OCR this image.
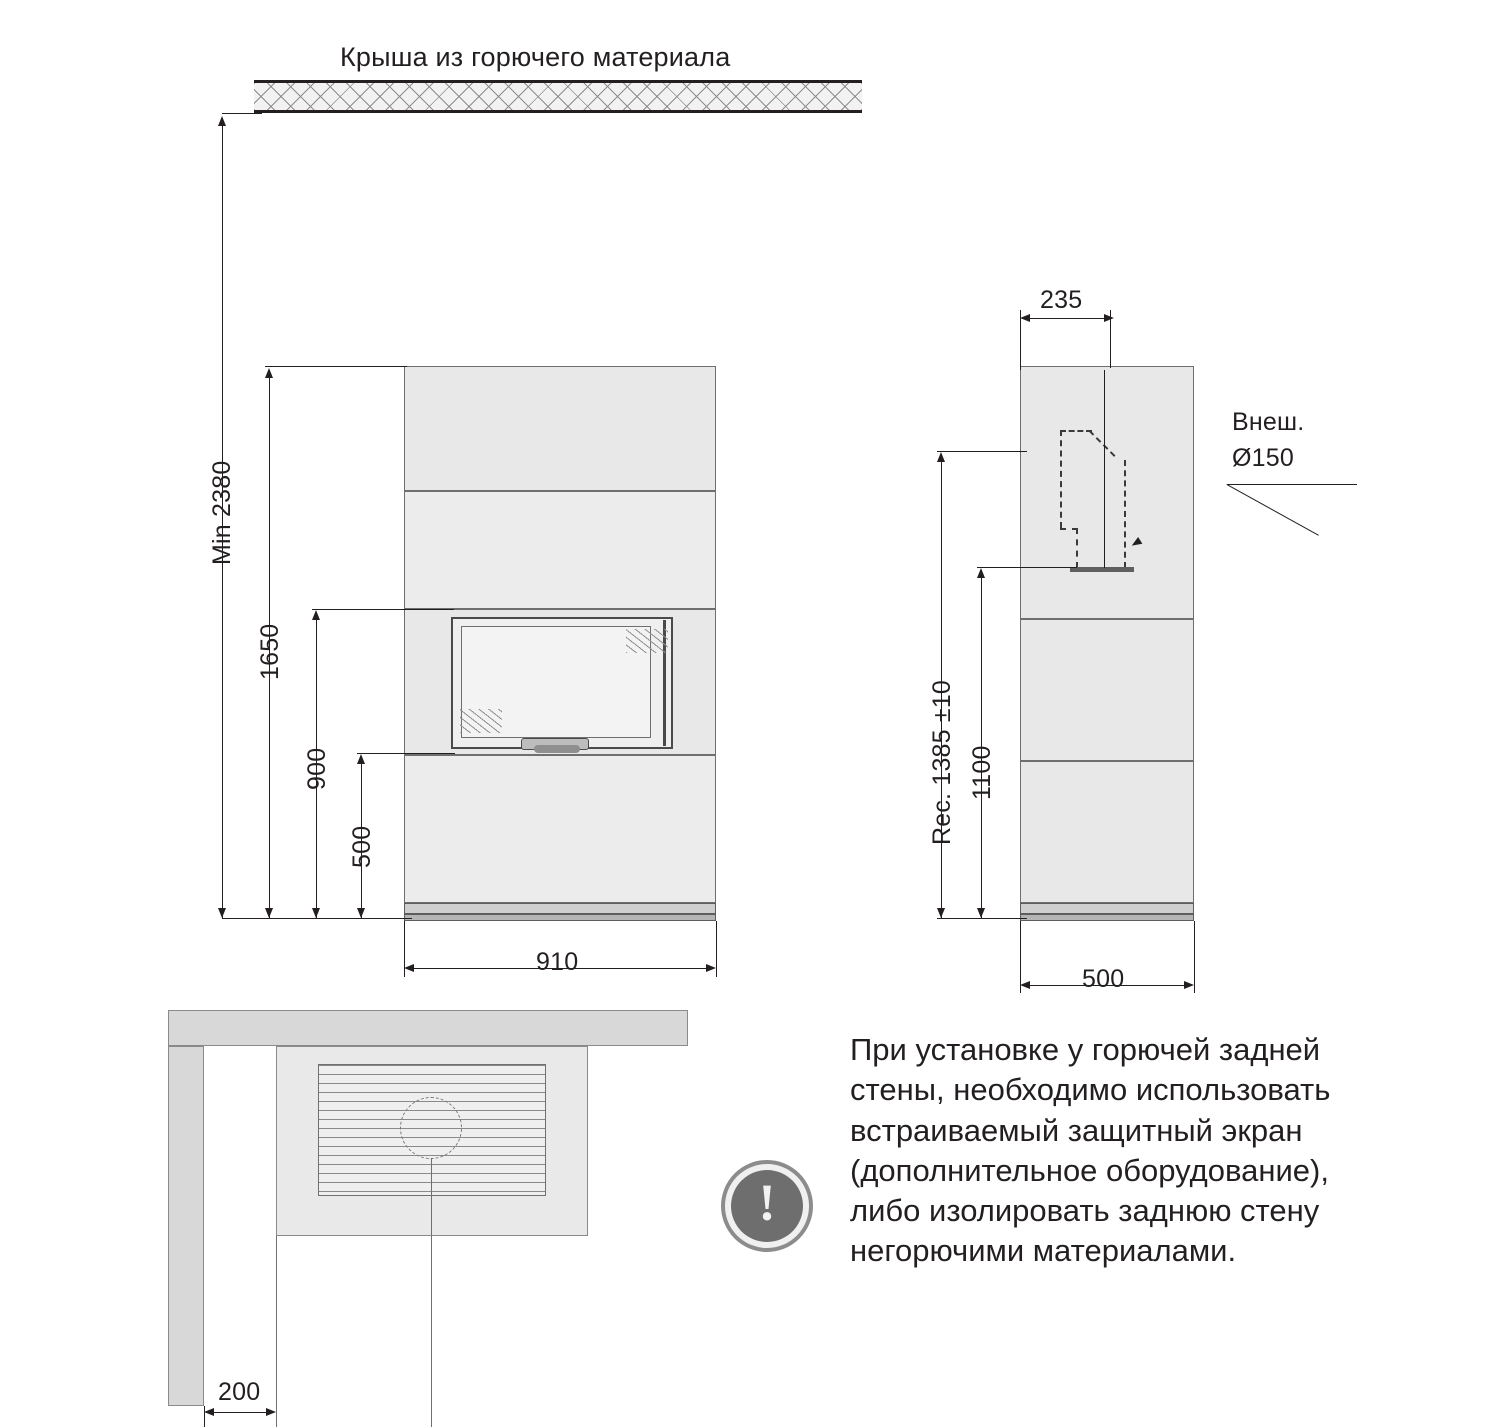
Крыша из горючего материала
Min 2380
1650
900
500
910
235
Внеш.
Ø150
Rec. 1385 ±10 1100
500
200
!
При установке у горючей задней стены, необходимо использовать встраиваемый защитный экран (дополнительное оборудование), либо изолировать заднюю стену негорючими материалами.
